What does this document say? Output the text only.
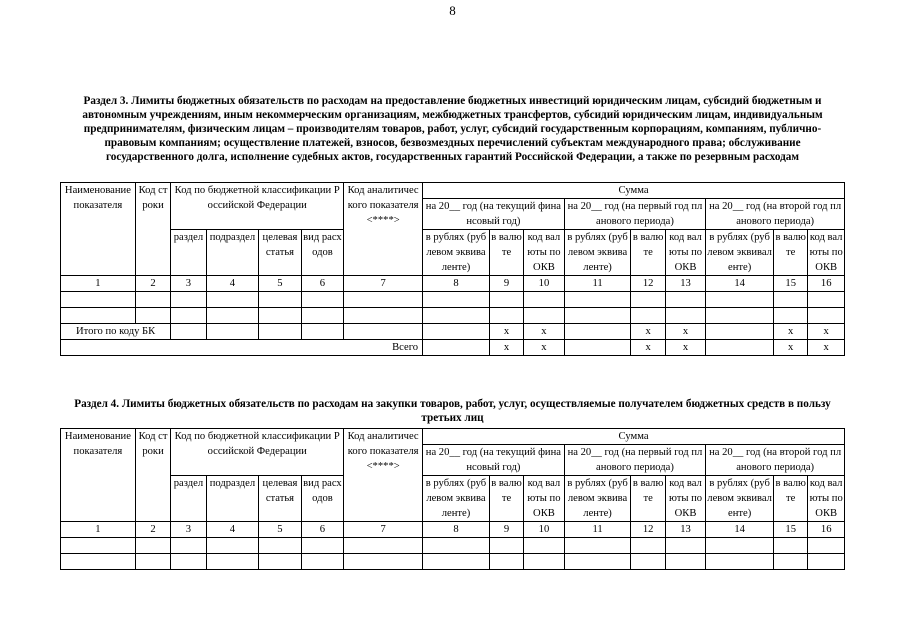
8
Раздел 3. Лимиты бюджетных обязательств по расходам на предоставление бюджетных инвестиций юридическим лицам, субсидий бюджетным и автономным учреждениям, иным некоммерческим организациям, межбюджетных трансфертов, субсидий юридическим лицам, индивидуальным предпринимателям, физическим лицам – производителям товаров, работ, услуг, субсидий государственным корпорациям, компаниям, публично-правовым компаниям; осуществление платежей, взносов, безвозмездных перечислений субъектам международного права; обслуживание государственного долга, исполнение судебных актов, государственных гарантий Российской Федерации, а также по резервным расходам
Наименование показателя	Код строки	Код по бюджетной классификации Российской Федерации				Код аналитического показателя <****>	Сумма								
							на 20__ год (на текущий финансовый год)			на 20__ год (на первый год планового периода)			на 20__ год (на второй год планового периода)		
		раздел	подраздел	целевая статья	вид расходов		в рублях (рублевом эквиваленте)	в валюте	код валюты по ОКВ	в рублях (рублевом эквиваленте)	в валюте	код валюты по ОКВ	в рублях (рублевом эквиваленте)	в валюте	код валюты по ОКВ
1	2	3	4	5	6	7	8	9	10	11	12	13	14	15	16

Итого по коду БК								x	x		x	x		x	x
Всего								x	x		x	x		x	x
Раздел 4. Лимиты бюджетных обязательств по расходам на закупки товаров, работ, услуг, осуществляемые получателем бюджетных средств в пользу третьих лиц
Наименование показателя	Код строки	Код по бюджетной классификации Российской Федерации				Код аналитического показателя <****>	Сумма								
							на 20__ год (на текущий финансовый год)			на 20__ год (на первый год планового периода)			на 20__ год (на второй год планового периода)		
		раздел	подраздел	целевая статья	вид расходов		в рублях (рублевом эквиваленте)	в валюте	код валюты по ОКВ	в рублях (рублевом эквиваленте)	в валюте	код валюты по ОКВ	в рублях (рублевом эквиваленте)	в валюте	код валюты по ОКВ
1	2	3	4	5	6	7	8	9	10	11	12	13	14	15	16
